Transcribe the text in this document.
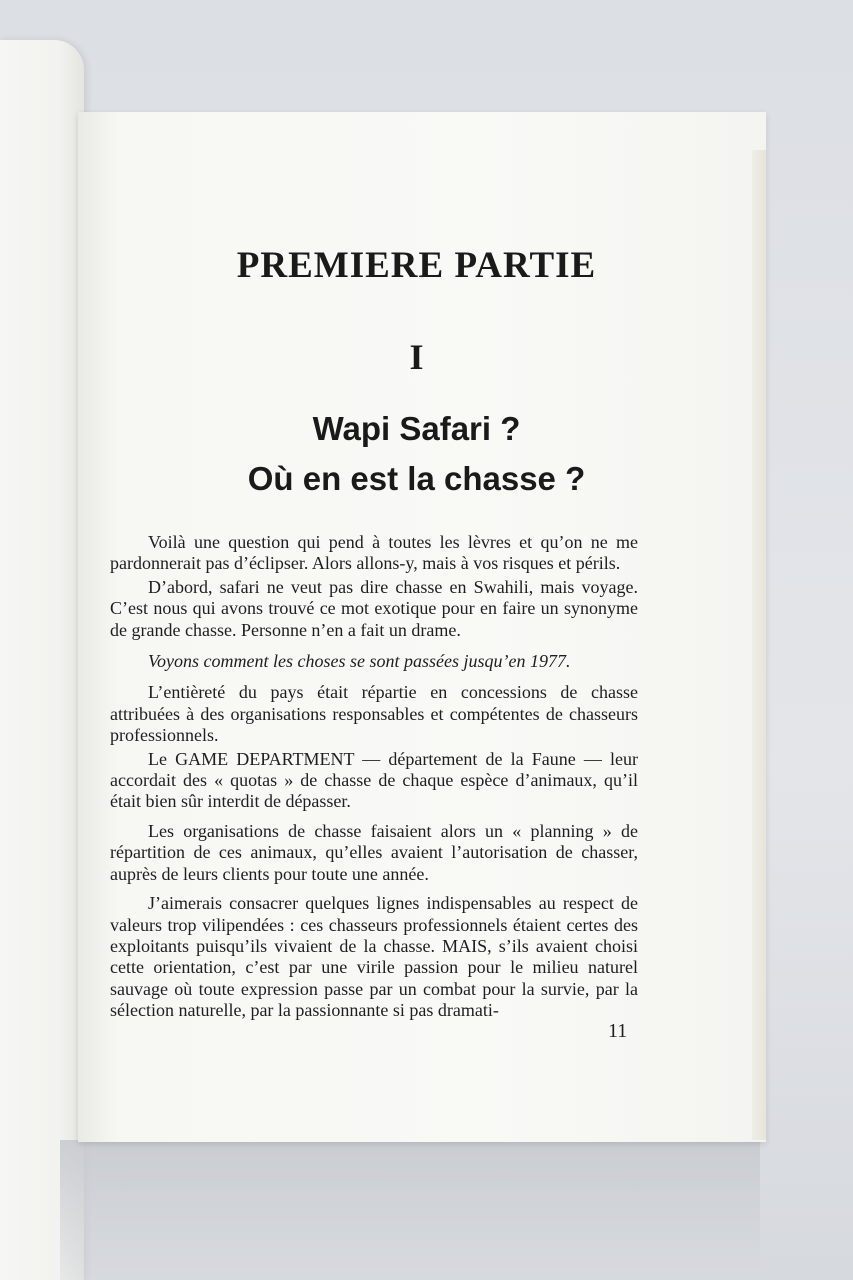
PREMIERE PARTIE
I
Wapi Safari ?
Où en est la chasse ?

Voilà une question qui pend à toutes les lèvres et qu’on ne me pardonnerait pas d’éclipser. Alors allons-y, mais à vos risques et périls.

D’abord, safari ne veut pas dire chasse en Swahili, mais voyage. C’est nous qui avons trouvé ce mot exotique pour en faire un synonyme de grande chasse. Personne n’en a fait un drame.

Voyons comment les choses se sont passées jusqu’en 1977.

L’entièreté du pays était répartie en concessions de chasse attribuées à des organisations responsables et compétentes de chasseurs professionnels.

Le GAME DEPARTMENT — département de la Faune — leur accordait des « quotas » de chasse de chaque espèce d’animaux, qu’il était bien sûr interdit de dépasser.

Les organisations de chasse faisaient alors un « planning » de répartition de ces animaux, qu’elles avaient l’autorisation de chasser, auprès de leurs clients pour toute une année.

J’aimerais consacrer quelques lignes indispensables au respect de valeurs trop vilipendées : ces chasseurs professionnels étaient certes des exploitants puisqu’ils vivaient de la chasse. MAIS, s’ils avaient choisi cette orientation, c’est par une virile passion pour le milieu naturel sauvage où toute expression passe par un combat pour la survie, par la sélection naturelle, par la passionnante si pas dramati-

11
